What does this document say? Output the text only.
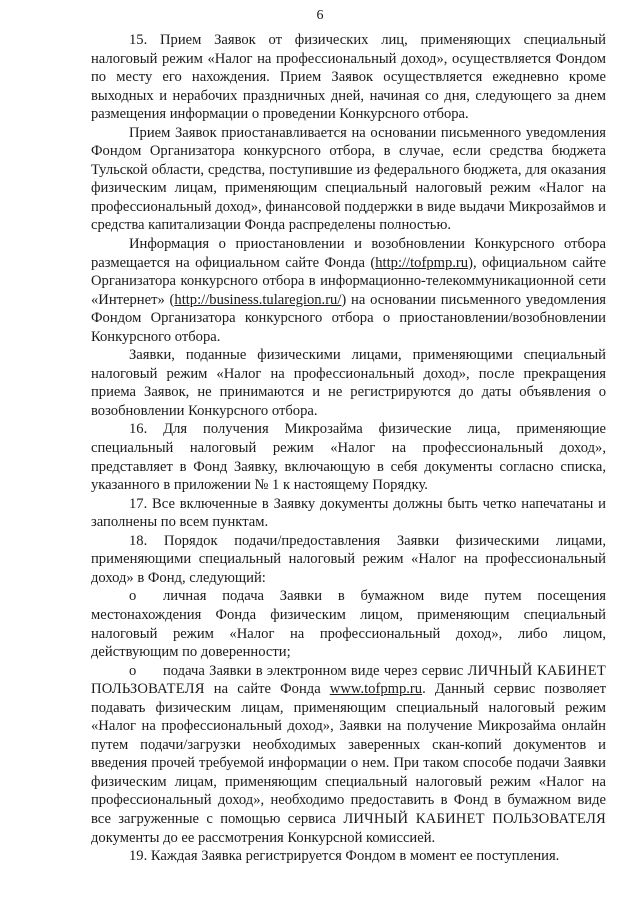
6

15. Прием Заявок от физических лиц, применяющих специальный налоговый режим «Налог на профессиональный доход», осуществляется Фондом по месту его нахождения. Прием Заявок осуществляется ежедневно кроме выходных и нерабочих праздничных дней, начиная со дня, следующего за днем размещения информации о проведении Конкурсного отбора.

Прием Заявок приостанавливается на основании письменного уведомления Фондом Организатора конкурсного отбора, в случае, если средства бюджета Тульской области, средства, поступившие из федерального бюджета, для оказания физическим лицам, применяющим специальный налоговый режим «Налог на профессиональный доход», финансовой поддержки в виде выдачи Микрозаймов и средства капитализации Фонда распределены полностью.

Информация о приостановлении и возобновлении Конкурсного отбора размещается на официальном сайте Фонда (http://tofpmp.ru), официальном сайте Организатора конкурсного отбора в информационно-телекоммуникационной сети «Интернет» (http://business.tularegion.ru/) на основании письменного уведомления Фондом Организатора конкурсного отбора о приостановлении/возобновлении Конкурсного отбора.

Заявки, поданные физическими лицами, применяющими специальный налоговый режим «Налог на профессиональный доход», после прекращения приема Заявок, не принимаются и не регистрируются до даты объявления о возобновлении Конкурсного отбора.

16. Для получения Микрозайма физические лица, применяющие специальный налоговый режим «Налог на профессиональный доход», представляет в Фонд Заявку, включающую в себя документы согласно списка, указанного в приложении № 1 к настоящему Порядку.

17. Все включенные в Заявку документы должны быть четко напечатаны и заполнены по всем пунктам.

18. Порядок подачи/предоставления Заявки физическими лицами, применяющими специальный налоговый режим «Налог на профессиональный доход» в Фонд, следующий:

o личная подача Заявки в бумажном виде путем посещения местонахождения Фонда физическим лицом, применяющим специальный налоговый режим «Налог на профессиональный доход», либо лицом, действующим по доверенности;

o подача Заявки в электронном виде через сервис ЛИЧНЫЙ КАБИНЕТ ПОЛЬЗОВАТЕЛЯ на сайте Фонда www.tofpmp.ru. Данный сервис позволяет подавать физическим лицам, применяющим специальный налоговый режим «Налог на профессиональный доход», Заявки на получение Микрозайма онлайн путем подачи/загрузки необходимых заверенных скан-копий документов и введения прочей требуемой информации о нем. При таком способе подачи Заявки физическим лицам, применяющим специальный налоговый режим «Налог на профессиональный доход», необходимо предоставить в Фонд в бумажном виде все загруженные с помощью сервиса ЛИЧНЫЙ КАБИНЕТ ПОЛЬЗОВАТЕЛЯ документы до ее рассмотрения Конкурсной комиссией.

19. Каждая Заявка регистрируется Фондом в момент ее поступления.
